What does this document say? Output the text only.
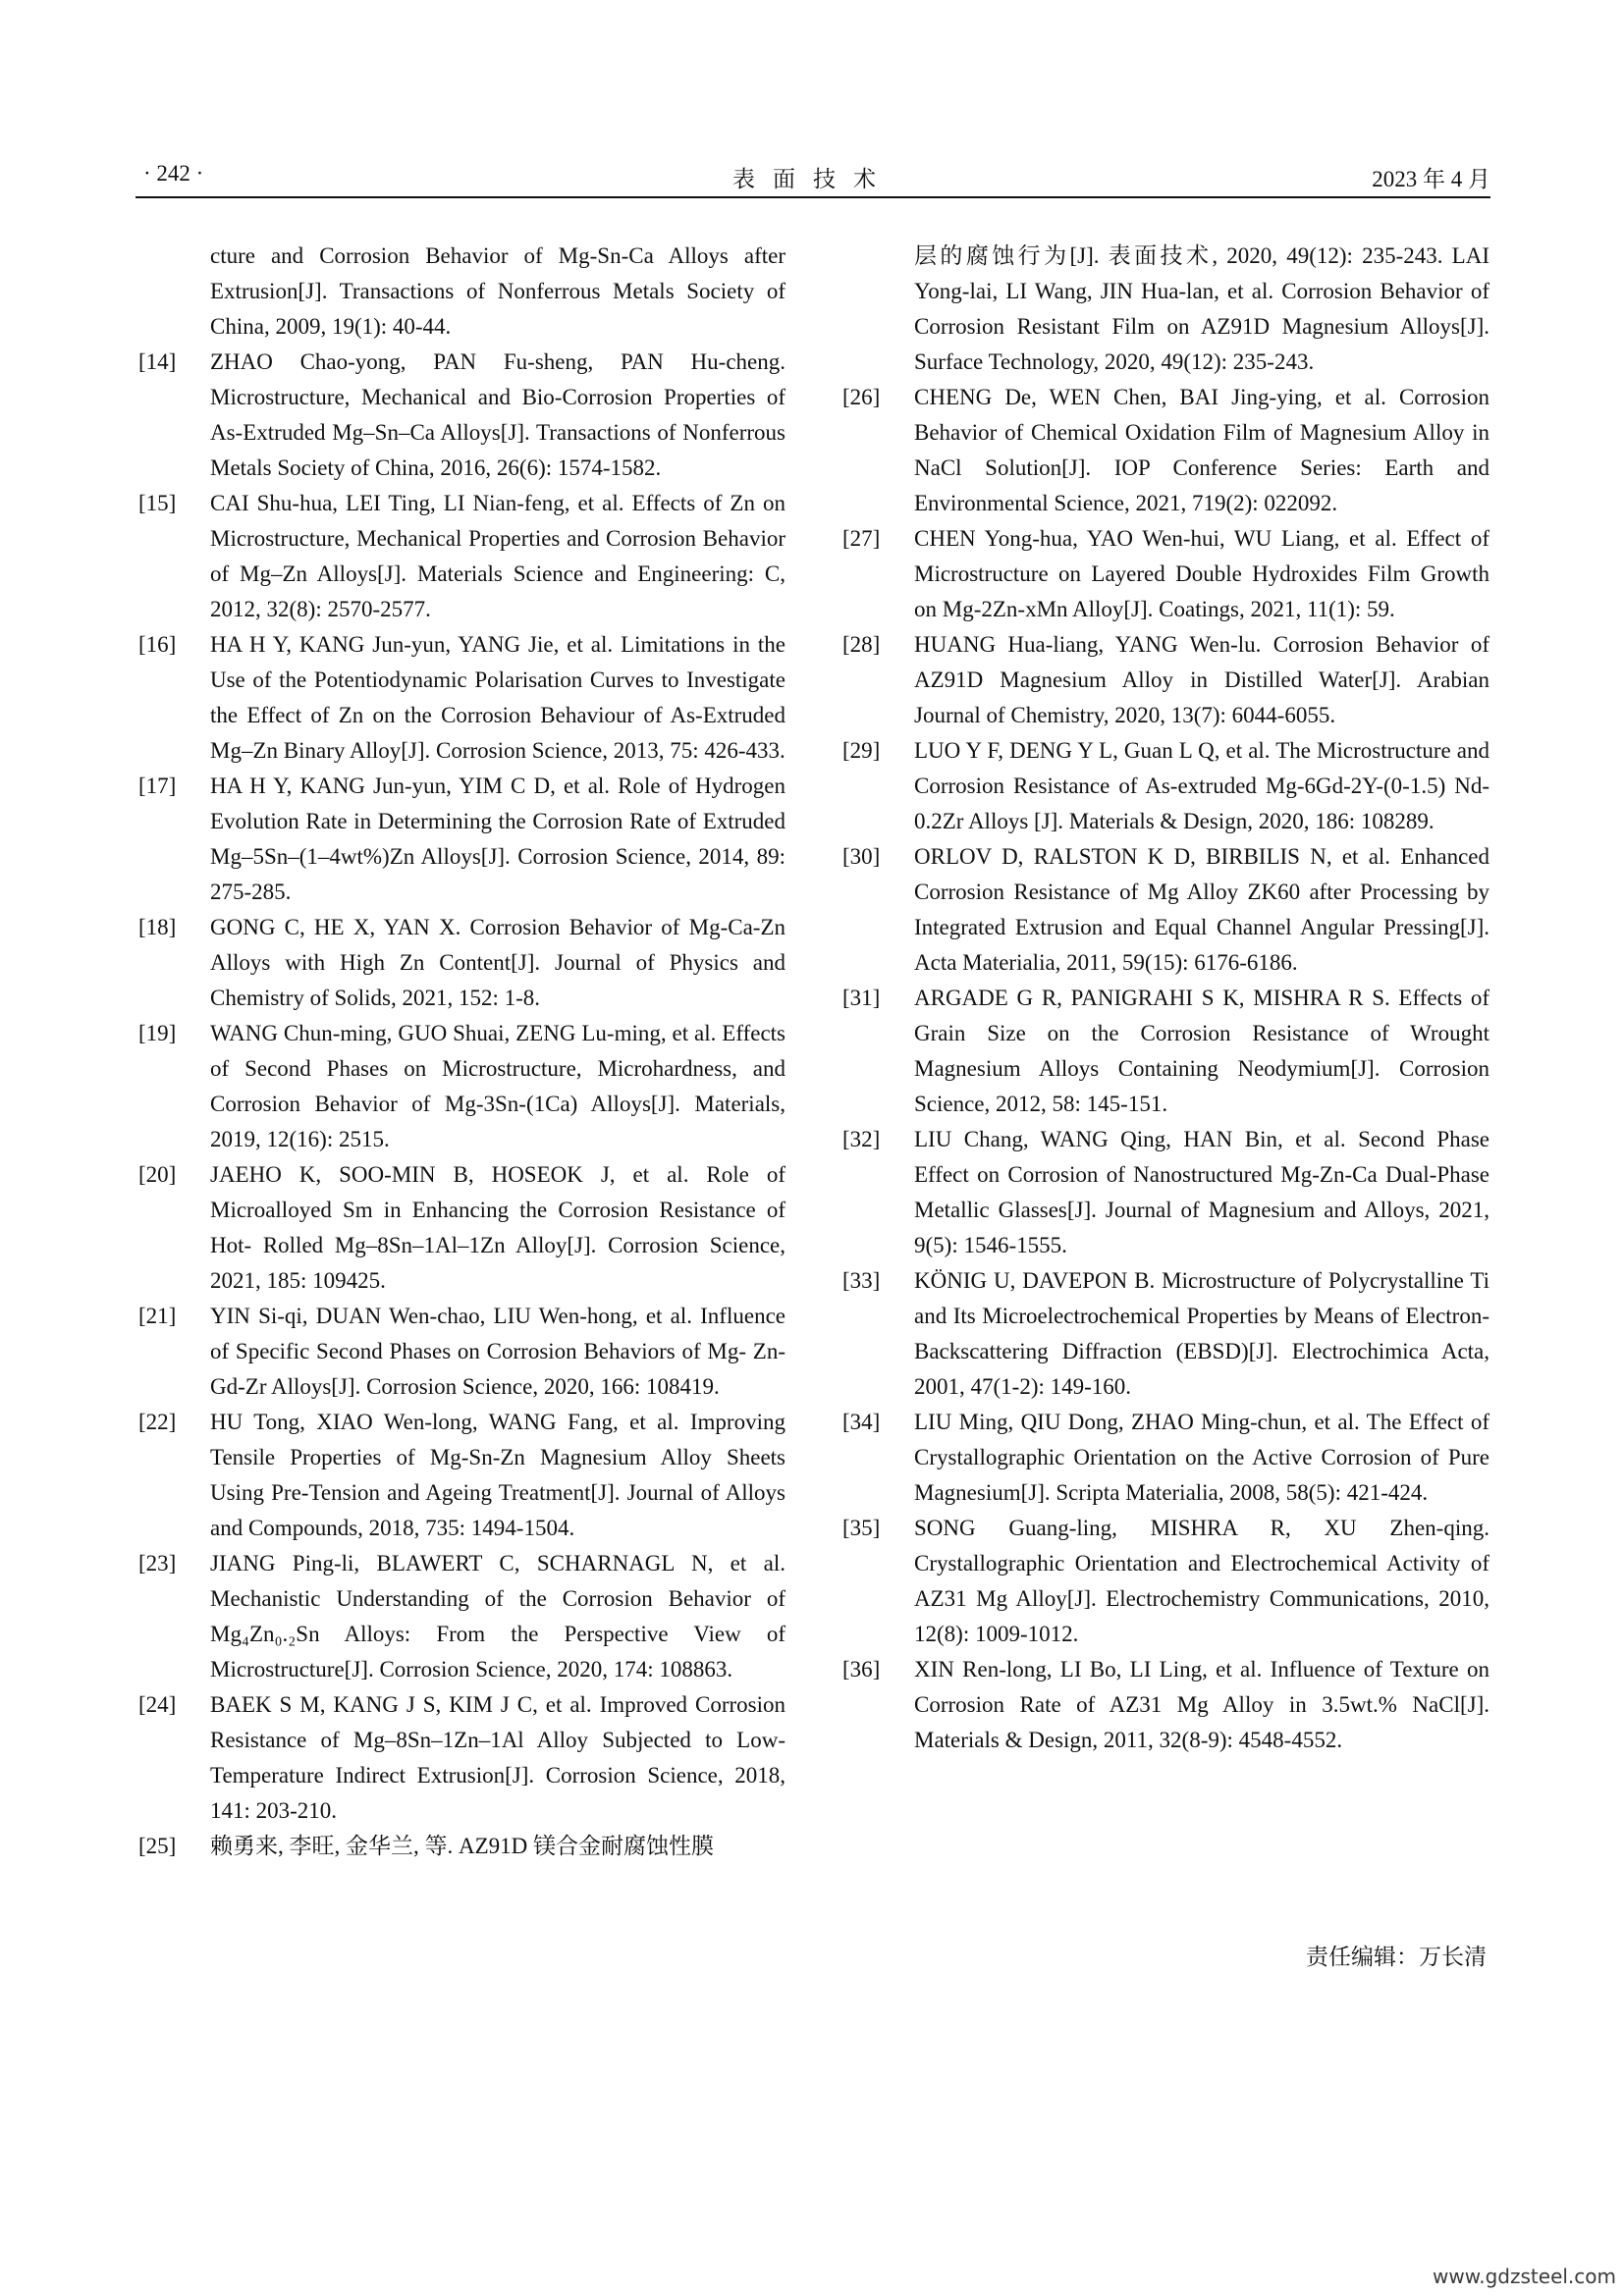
· 242 ·	表面技术	2023 年 4 月
cture and Corrosion Behavior of Mg-Sn-Ca Alloys after Extrusion[J]. Transactions of Nonferrous Metals Society of China, 2009, 19(1): 40-44.
[14] ZHAO Chao-yong, PAN Fu-sheng, PAN Hu-cheng. Microstructure, Mechanical and Bio-Corrosion Properties of As-Extruded Mg–Sn–Ca Alloys[J]. Transactions of Nonferrous Metals Society of China, 2016, 26(6): 1574-1582.
[15] CAI Shu-hua, LEI Ting, LI Nian-feng, et al. Effects of Zn on Microstructure, Mechanical Properties and Corrosion Behavior of Mg–Zn Alloys[J]. Materials Science and Engineering: C, 2012, 32(8): 2570-2577.
[16] HA H Y, KANG Jun-yun, YANG Jie, et al. Limitations in the Use of the Potentiodynamic Polarisation Curves to Investigate the Effect of Zn on the Corrosion Behaviour of As-Extruded Mg–Zn Binary Alloy[J]. Corrosion Science, 2013, 75: 426-433.
[17] HA H Y, KANG Jun-yun, YIM C D, et al. Role of Hydrogen Evolution Rate in Determining the Corrosion Rate of Extruded Mg–5Sn–(1–4wt%)Zn Alloys[J]. Corrosion Science, 2014, 89: 275-285.
[18] GONG C, HE X, YAN X. Corrosion Behavior of Mg-Ca-Zn Alloys with High Zn Content[J]. Journal of Physics and Chemistry of Solids, 2021, 152: 1-8.
[19] WANG Chun-ming, GUO Shuai, ZENG Lu-ming, et al. Effects of Second Phases on Microstructure, Microhardness, and Corrosion Behavior of Mg-3Sn-(1Ca) Alloys[J]. Materials, 2019, 12(16): 2515.
[20] JAEHO K, SOO-MIN B, HOSEOK J, et al. Role of Microalloyed Sm in Enhancing the Corrosion Resistance of Hot- Rolled Mg–8Sn–1Al–1Zn Alloy[J]. Corrosion Science, 2021, 185: 109425.
[21] YIN Si-qi, DUAN Wen-chao, LIU Wen-hong, et al. Influence of Specific Second Phases on Corrosion Behaviors of Mg- Zn-Gd-Zr Alloys[J]. Corrosion Science, 2020, 166: 108419.
[22] HU Tong, XIAO Wen-long, WANG Fang, et al. Improving Tensile Properties of Mg-Sn-Zn Magnesium Alloy Sheets Using Pre-Tension and Ageing Treatment[J]. Journal of Alloys and Compounds, 2018, 735: 1494-1504.
[23] JIANG Ping-li, BLAWERT C, SCHARNAGL N, et al. Mechanistic Understanding of the Corrosion Behavior of Mg₄Zn₀.₂Sn Alloys: From the Perspective View of Microstructure[J]. Corrosion Science, 2020, 174: 108863.
[24] BAEK S M, KANG J S, KIM J C, et al. Improved Corrosion Resistance of Mg–8Sn–1Zn–1Al Alloy Subjected to Low- Temperature Indirect Extrusion[J]. Corrosion Science, 2018, 141: 203-210.
[25] 赖勇来, 李旺, 金华兰, 等. AZ91D 镁合金耐腐蚀性膜
层的腐蚀行为[J]. 表面技术, 2020, 49(12): 235-243. LAI Yong-lai, LI Wang, JIN Hua-lan, et al. Corrosion Behavior of Corrosion Resistant Film on AZ91D Magnesium Alloys[J]. Surface Technology, 2020, 49(12): 235-243.
[26] CHENG De, WEN Chen, BAI Jing-ying, et al. Corrosion Behavior of Chemical Oxidation Film of Magnesium Alloy in NaCl Solution[J]. IOP Conference Series: Earth and Environmental Science, 2021, 719(2): 022092.
[27] CHEN Yong-hua, YAO Wen-hui, WU Liang, et al. Effect of Microstructure on Layered Double Hydroxides Film Growth on Mg-2Zn-xMn Alloy[J]. Coatings, 2021, 11(1): 59.
[28] HUANG Hua-liang, YANG Wen-lu. Corrosion Behavior of AZ91D Magnesium Alloy in Distilled Water[J]. Arabian Journal of Chemistry, 2020, 13(7): 6044-6055.
[29] LUO Y F, DENG Y L, Guan L Q, et al. The Microstructure and Corrosion Resistance of As-extruded Mg-6Gd-2Y-(0-1.5) Nd-0.2Zr Alloys [J]. Materials & Design, 2020, 186: 108289.
[30] ORLOV D, RALSTON K D, BIRBILIS N, et al. Enhanced Corrosion Resistance of Mg Alloy ZK60 after Processing by Integrated Extrusion and Equal Channel Angular Pressing[J]. Acta Materialia, 2011, 59(15): 6176-6186.
[31] ARGADE G R, PANIGRAHI S K, MISHRA R S. Effects of Grain Size on the Corrosion Resistance of Wrought Magnesium Alloys Containing Neodymium[J]. Corrosion Science, 2012, 58: 145-151.
[32] LIU Chang, WANG Qing, HAN Bin, et al. Second Phase Effect on Corrosion of Nanostructured Mg-Zn-Ca Dual-Phase Metallic Glasses[J]. Journal of Magnesium and Alloys, 2021, 9(5): 1546-1555.
[33] KÖNIG U, DAVEPON B. Microstructure of Polycrystalline Ti and Its Microelectrochemical Properties by Means of Electron-Backscattering Diffraction (EBSD)[J]. Electrochimica Acta, 2001, 47(1-2): 149-160.
[34] LIU Ming, QIU Dong, ZHAO Ming-chun, et al. The Effect of Crystallographic Orientation on the Active Corrosion of Pure Magnesium[J]. Scripta Materialia, 2008, 58(5): 421-424.
[35] SONG Guang-ling, MISHRA R, XU Zhen-qing. Crystallographic Orientation and Electrochemical Activity of AZ31 Mg Alloy[J]. Electrochemistry Communications, 2010, 12(8): 1009-1012.
[36] XIN Ren-long, LI Bo, LI Ling, et al. Influence of Texture on Corrosion Rate of AZ31 Mg Alloy in 3.5wt.% NaCl[J]. Materials & Design, 2011, 32(8-9): 4548-4552.
责任编辑：万长清
www.gdzsteel.com
